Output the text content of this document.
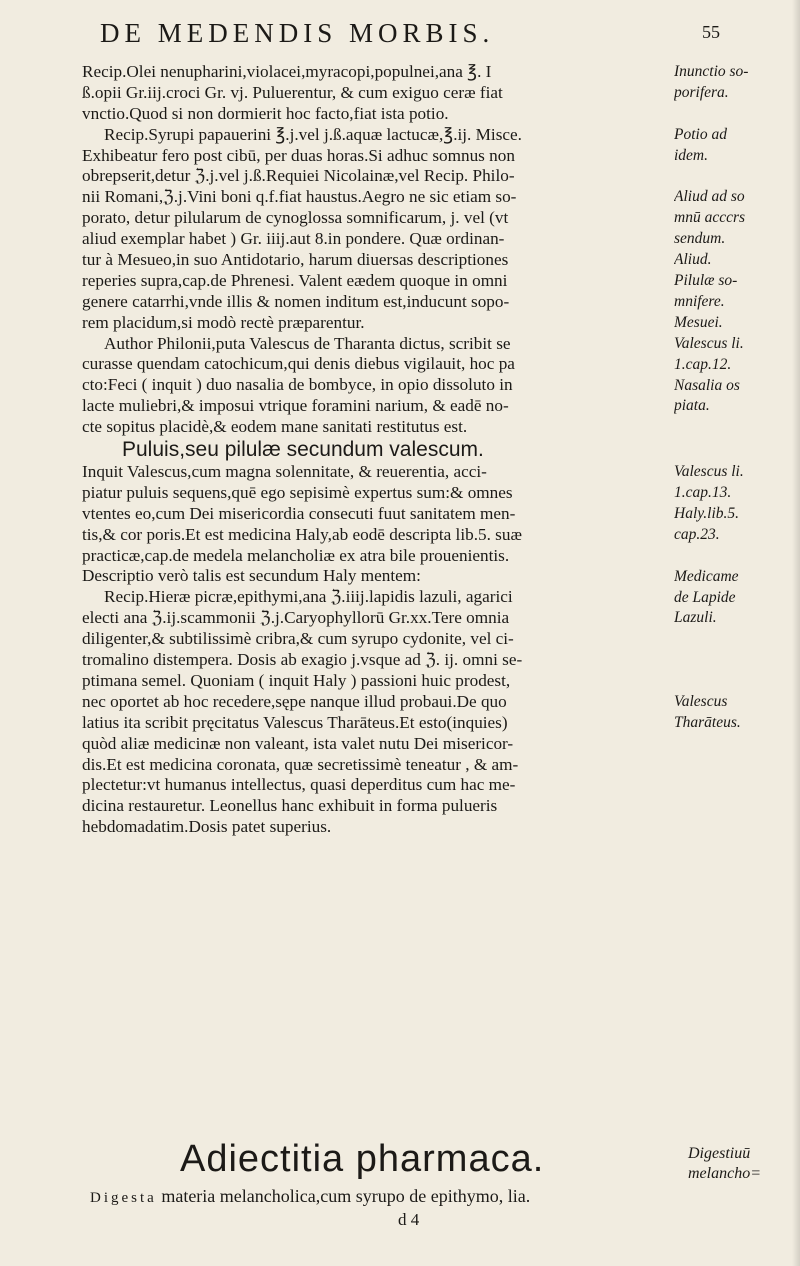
DE MEDENDIS MORBIS.	55
Recip.Olei nenupharini,violacei,myracopi,populnei,ana ℥. I
ß.opii Gr.iij.croci Gr. vj. Puluerentur, & cum exiguo ceræ fiat
vnctio.Quod si non dormierit hoc facto,fiat ista potio.
Recip.Syrupi papauerini ℥.j.vel j.ß.aquæ lactucæ,℥.ij. Misce.
Exhibeatur fero post cibū, per duas horas.Si adhuc somnus non
obrepserit,detur ℨ.j.vel j.ß.Requiei Nicolainæ,vel Recip. Philo-
nii Romani,ℨ.j.Vini boni q.f.fiat haustus.Aegro ne sic etiam so-
porato, detur pilularum de cynoglossa somnificarum, j. vel (vt
aliud exemplar habet ) Gr. iiij.aut 8.in pondere. Quæ ordinan-
tur à Mesueo,in suo Antidotario, harum diuersas descriptiones
reperies supra,cap.de Phrenesi. Valent eædem quoque in omni
genere catarrhi,vnde illis & nomen inditum est,inducunt sopo-
rem placidum,si modò rectè præparentur.
Author Philonii,puta Valescus de Tharanta dictus, scribit se
curasse quendam catochicum,qui denis diebus vigilauit, hoc pa
cto:Feci ( inquit ) duo nasalia de bombyce, in opio dissoluto in
lacte muliebri,& imposui vtrique foramini narium, & eadē no-
cte sopitus placidè,& eodem mane sanitati restitutus est.
Puluis,seu pilulæ secundum valescum.
Inquit Valescus,cum magna solennitate, & reuerentia, acci-
piatur puluis sequens,quē ego sepisimè expertus sum:& omnes
vtentes eo,cum Dei misericordia consecuti fuut sanitatem men-
tis,& cor poris.Et est medicina Haly,ab eodē descripta lib.5. suæ
practicæ,cap.de medela melancholiæ ex atra bile prouenientis.
Descriptio verò talis est secundum Haly mentem:
Recip.Hieræ picræ,epithymi,ana ℨ.iiij.lapidis lazuli, agarici
electi ana ℨ.ij.scammonii ℨ.j.Caryophyllorū Gr.xx.Tere omnia
diligenter,& subtilissimè cribra,& cum syrupo cydonite, vel ci-
tromalino distempera. Dosis ab exagio j.vsque ad ℨ. ij. omni se-
ptimana semel. Quoniam ( inquit Haly ) passioni huic prodest,
nec oportet ab hoc recedere,sępe nanque illud probaui.De quo
latius ita scribit pręcitatus Valescus Tharāteus.Et esto(inquies)
quòd aliæ medicinæ non valeant, ista valet nutu Dei misericor-
dis.Et est medicina coronata, quæ secretissimè teneatur , & am-
plectetur:vt humanus intellectus, quasi deperditus cum hac me-
dicina restauretur. Leonellus hanc exhibuit in forma pulueris
hebdomadatim.Dosis patet superius.
Inunctio so-
porifera.
Potio ad
idem.
Aliud ad so
mnū acccrs
sendum.
Aliud.
Pilulæ so-
mnifere.
Mesuei.
Valescus li.
1.cap.12.
Nasalia os
piata.
Valescus li.
1.cap.13.
Haly.lib.5.
cap.23.
Medicame
de Lapide
Lazuli.
Valescus
Tharāteus.
Adiectitia pharmaca.	Digestiuū
melancho=
Digesta materia melancholica,cum syrupo de epithymo, lia.
d 4
